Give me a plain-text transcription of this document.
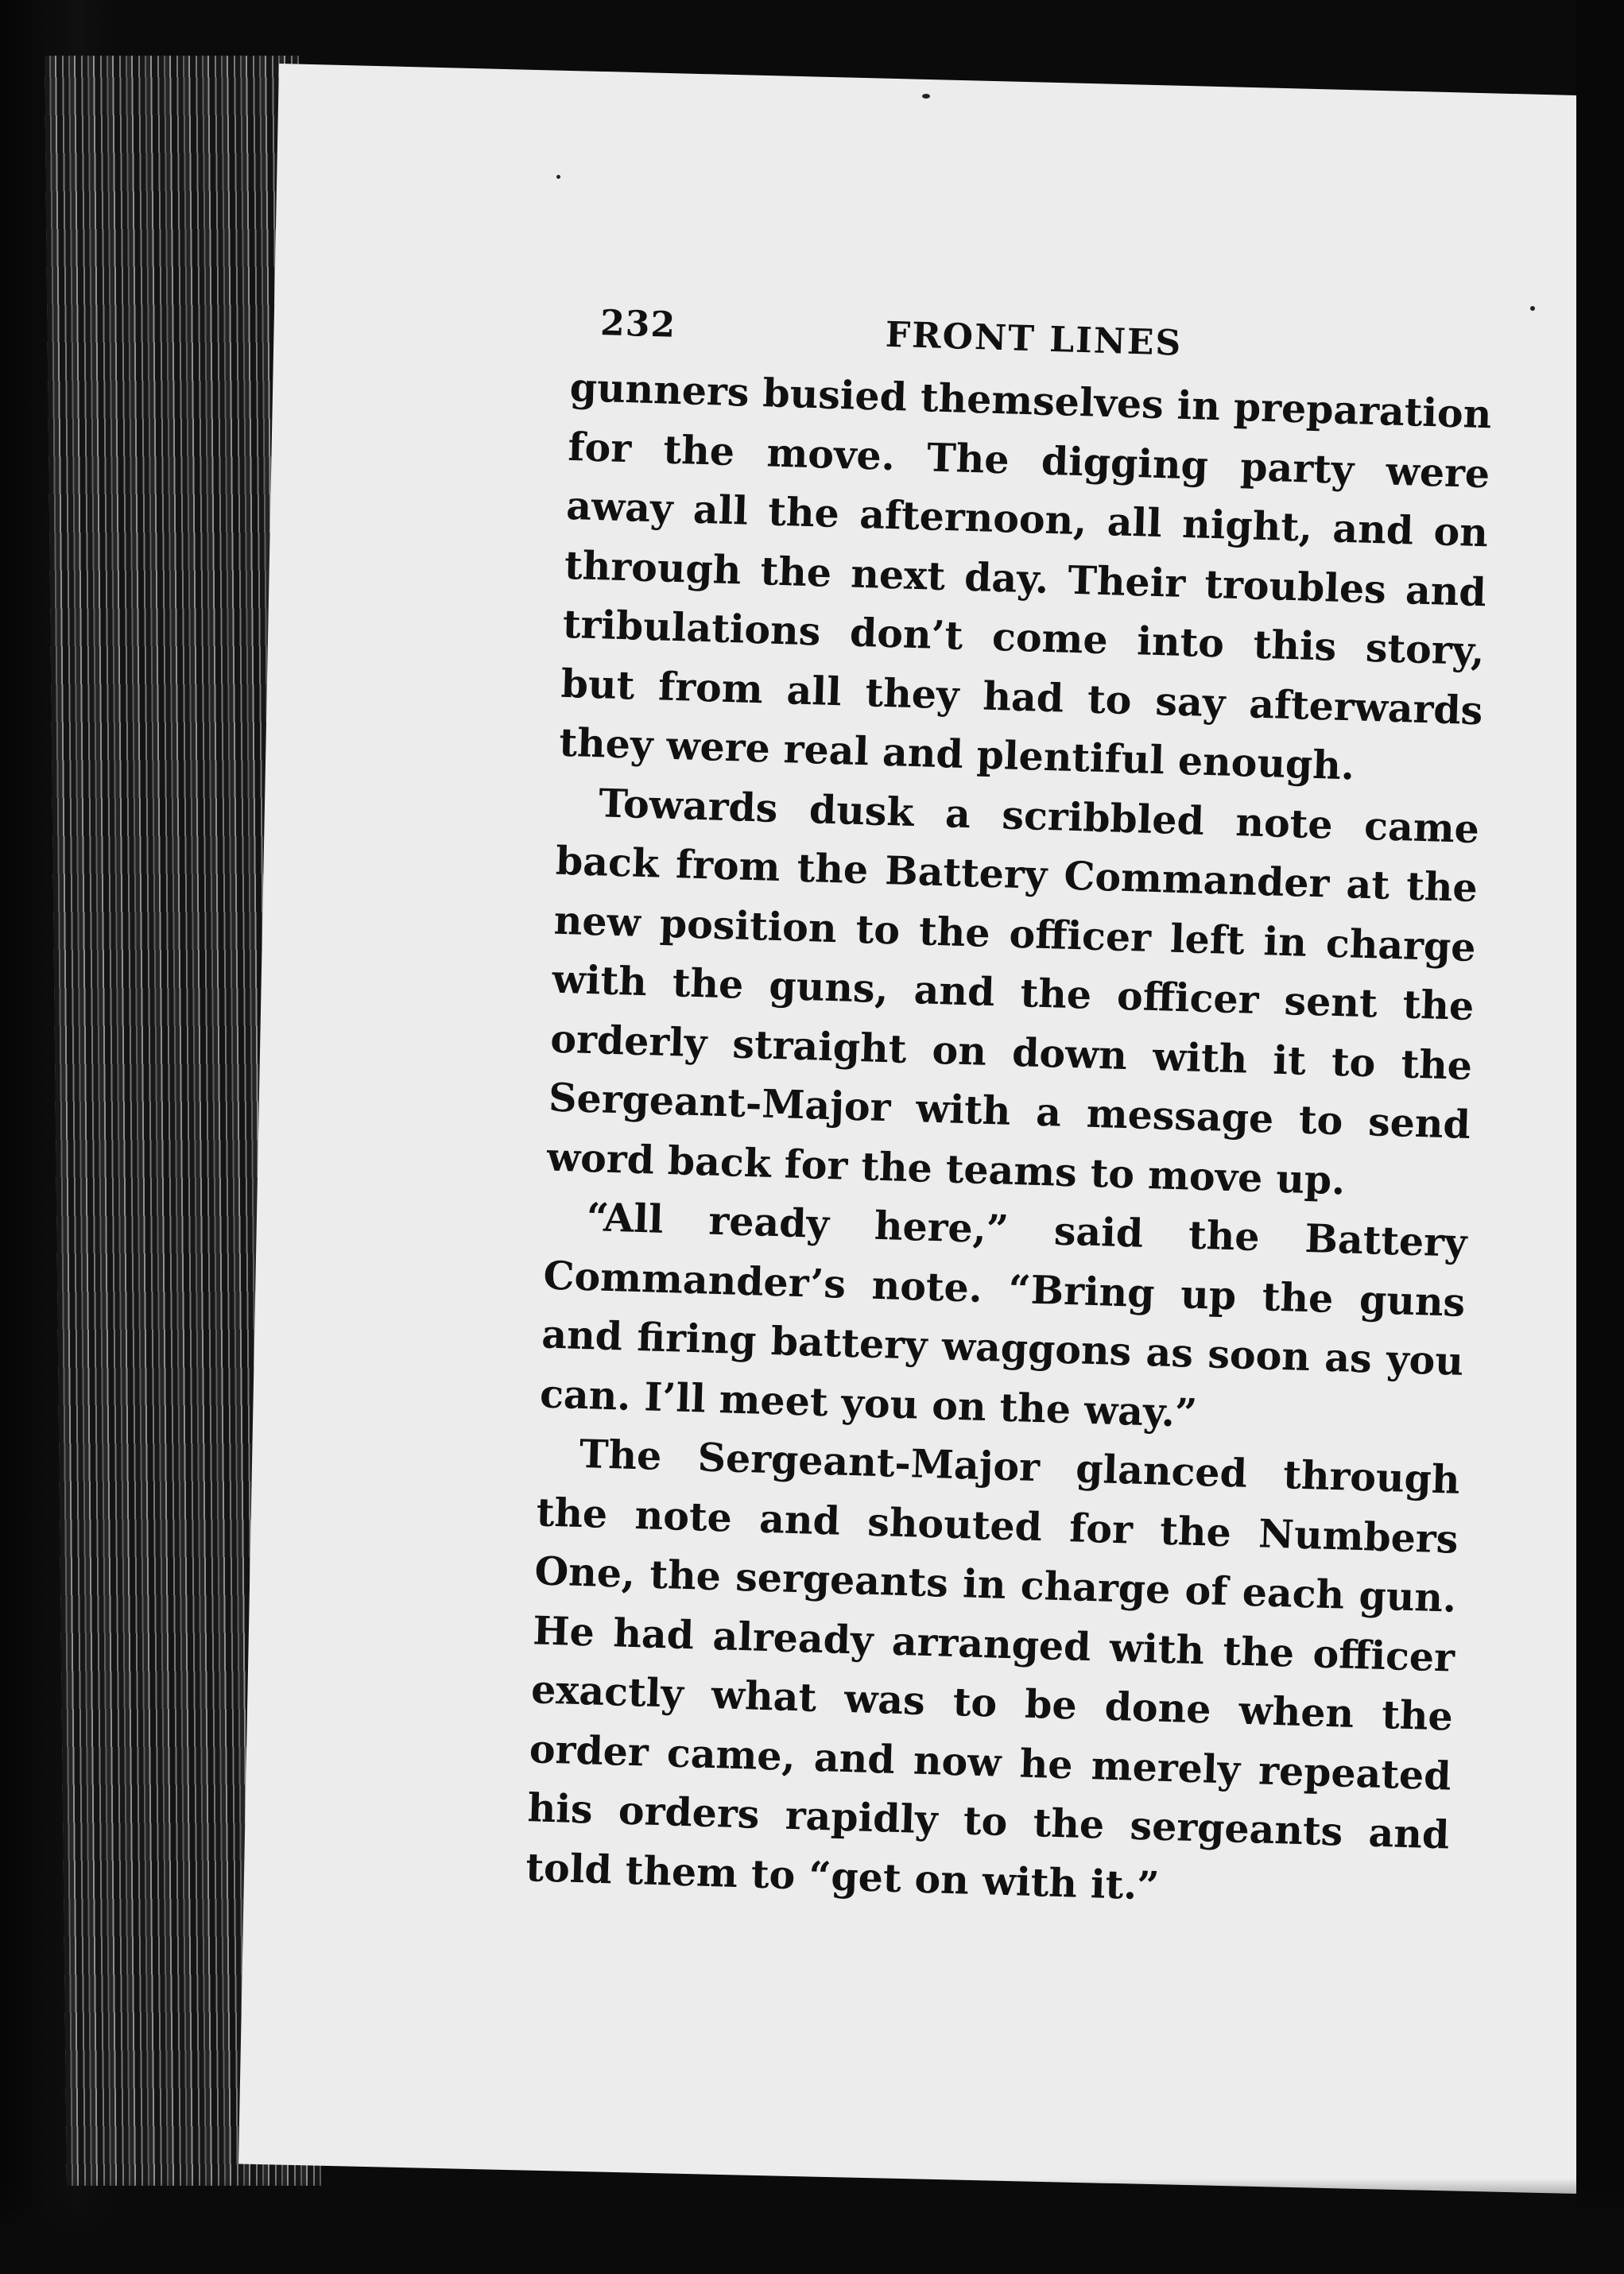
232	FRONT LINES

gunners busied themselves in preparation for the move. The digging party were away all the afternoon, all night, and on through the next day. Their troubles and tribulations don’t come into this story, but from all they had to say afterwards they were real and plentiful enough.

Towards dusk a scribbled note came back from the Battery Commander at the new position to the officer left in charge with the guns, and the officer sent the orderly straight on down with it to the Sergeant-Major with a message to send word back for the teams to move up.

“All ready here,” said the Battery Commander’s note. “Bring up the guns and firing battery waggons as soon as you can. I’ll meet you on the way.”

The Sergeant-Major glanced through the note and shouted for the Numbers One, the sergeants in charge of each gun. He had already arranged with the officer exactly what was to be done when the order came, and now he merely repeated his orders rapidly to the sergeants and told them to “get on with it.”
